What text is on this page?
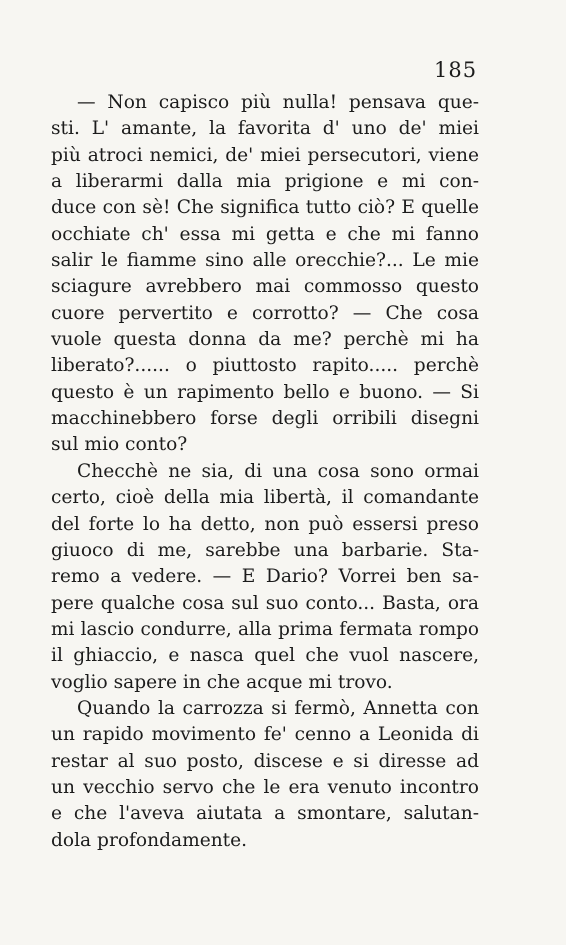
185
— Non capisco più nulla! pensava que-
sti. L' amante, la favorita d' uno de' miei
più atroci nemici, de' miei persecutori, viene
a liberarmi dalla mia prigione e mi con-
duce con sè! Che significa tutto ciò? E quelle
occhiate ch' essa mi getta e che mi fanno
salir le fiamme sino alle orecchie?... Le mie
sciagure avrebbero mai commosso questo
cuore pervertito e corrotto? — Che cosa
vuole questa donna da me? perchè mi ha
liberato?...... o piuttosto rapito..... perchè
questo è un rapimento bello e buono. — Si
macchinebbero forse degli orribili disegni
sul mio conto?
Checchè ne sia, di una cosa sono ormai
certo, cioè della mia libertà, il comandante
del forte lo ha detto, non può essersi preso
giuoco di me, sarebbe una barbarie. Sta-
remo a vedere. — E Dario? Vorrei ben sa-
pere qualche cosa sul suo conto... Basta, ora
mi lascio condurre, alla prima fermata rompo
il ghiaccio, e nasca quel che vuol nascere,
voglio sapere in che acque mi trovo.
Quando la carrozza si fermò, Annetta con
un rapido movimento fe' cenno a Leonida di
restar al suo posto, discese e si diresse ad
un vecchio servo che le era venuto incontro
e che l'aveva aiutata a smontare, salutan-
dola profondamente.
